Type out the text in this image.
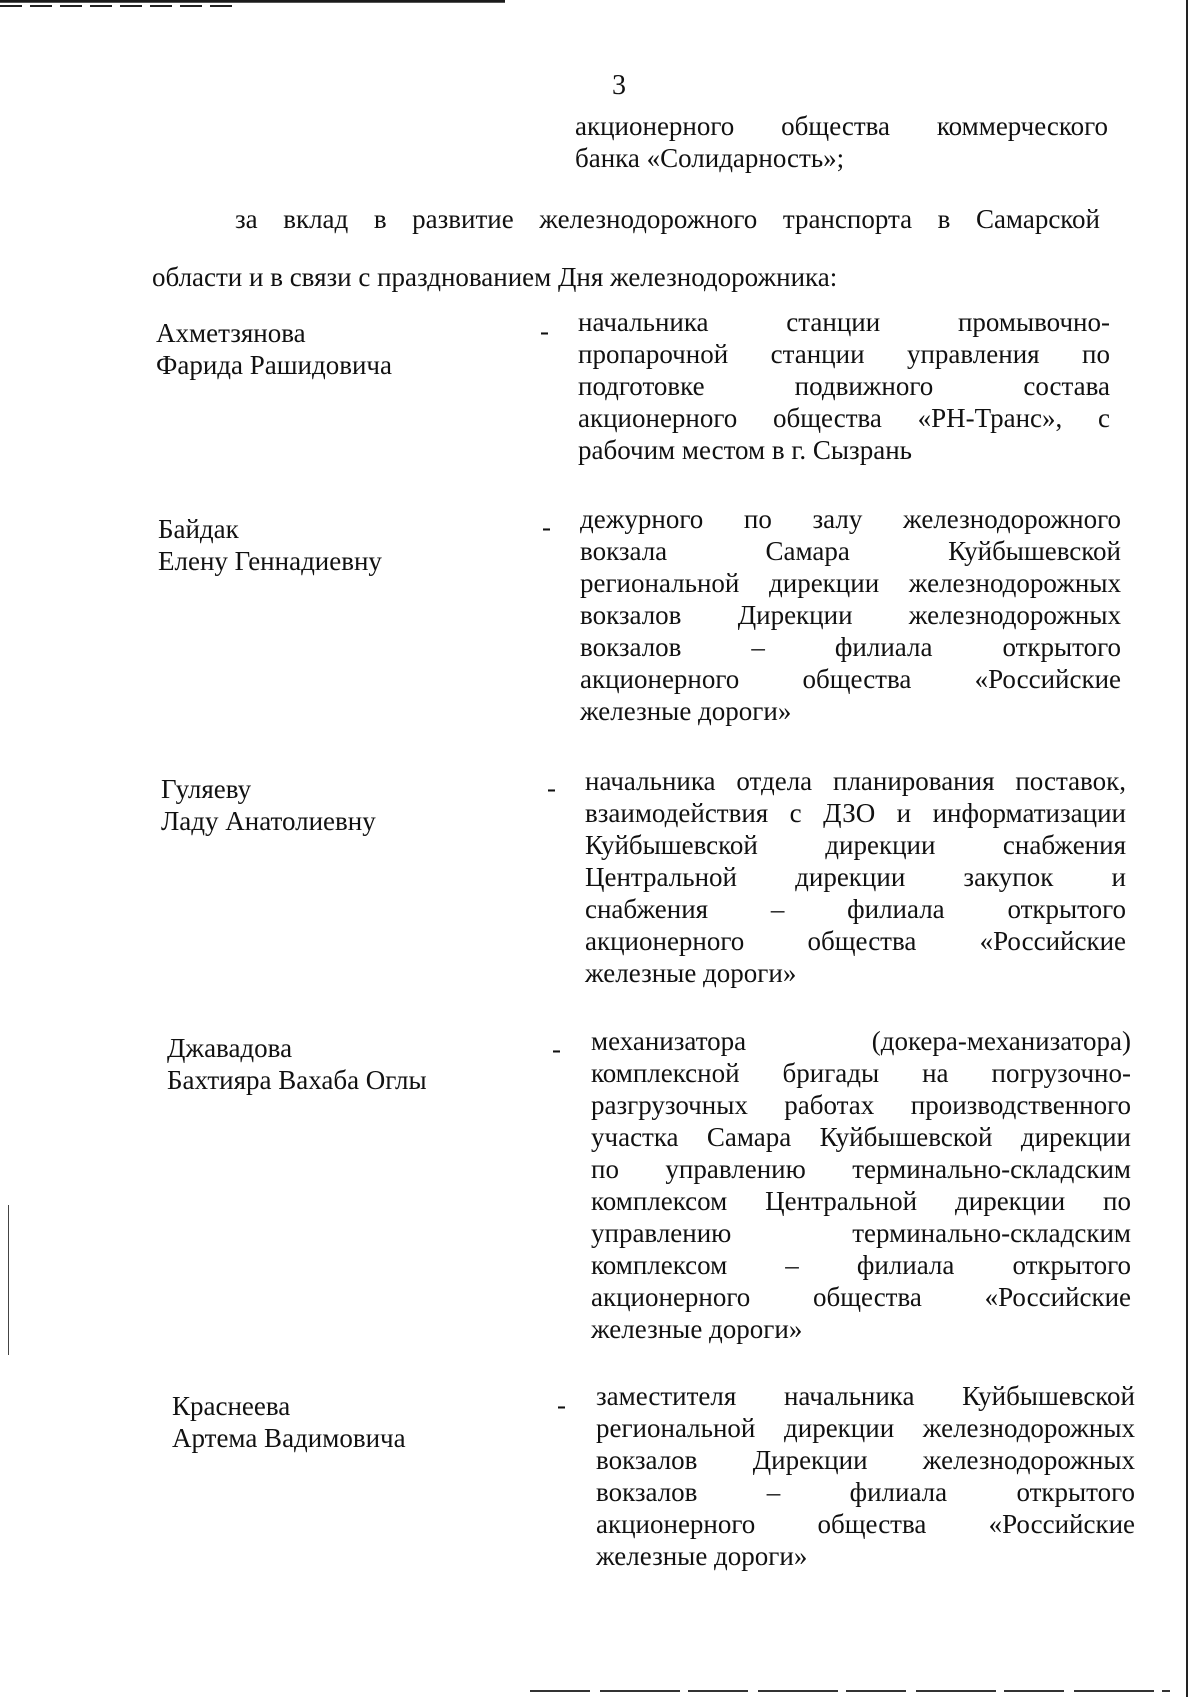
3
акционерного общества коммерческого
банка «Солидарность»;
за вклад в развитие железнодорожного транспорта в Самарской
области и в связи с празднованием Дня железнодорожника:
Ахметзянова
Фарида Рашидовича
- начальника станции промывочно-
пропарочной станции управления по
подготовке подвижного состава
акционерного общества «РН-Транс», с
рабочим местом в г. Сызрань
Байдак
Елену Геннадиевну
- дежурного по залу железнодорожного
вокзала Самара Куйбышевской
региональной дирекции железнодорожных
вокзалов Дирекции железнодорожных
вокзалов – филиала открытого
акционерного общества «Российские
железные дороги»
Гуляеву
Ладу Анатолиевну
- начальника отдела планирования поставок,
взаимодействия с ДЗО и информатизации
Куйбышевской дирекции снабжения
Центральной дирекции закупок и
снабжения – филиала открытого
акционерного общества «Российские
железные дороги»
Джавадова
Бахтияра Вахаба Оглы
- механизатора (докера-механизатора)
комплексной бригады на погрузочно-
разгрузочных работах производственного
участка Самара Куйбышевской дирекции
по управлению терминально-складским
комплексом Центральной дирекции по
управлению терминально-складским
комплексом – филиала открытого
акционерного общества «Российские
железные дороги»
Краснеева
Артема Вадимовича
- заместителя начальника Куйбышевской
региональной дирекции железнодорожных
вокзалов Дирекции железнодорожных
вокзалов – филиала открытого
акционерного общества «Российские
железные дороги»
